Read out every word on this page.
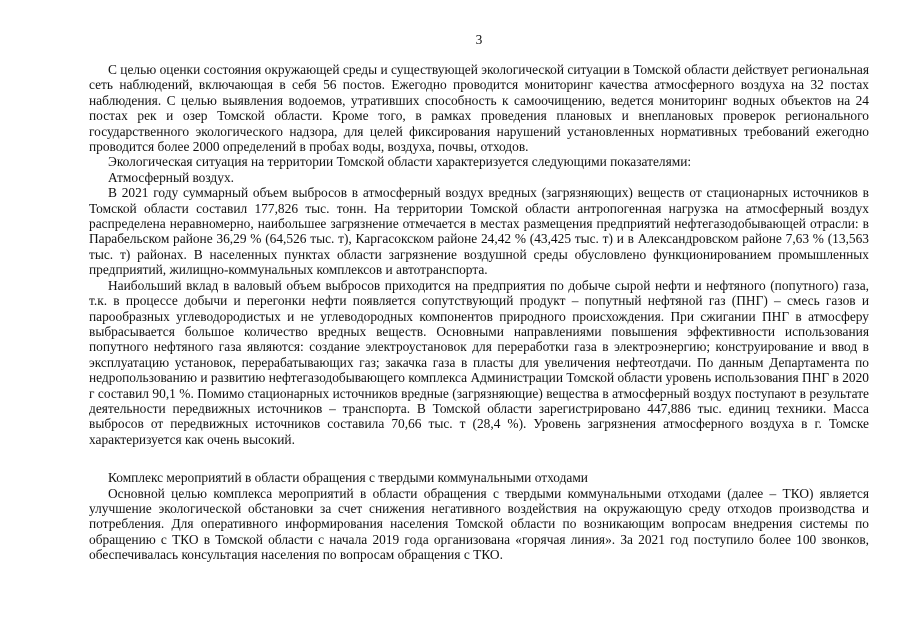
3

С целью оценки состояния окружающей среды и существующей экологической ситуации в Томской области действует региональная сеть наблюдений, включающая в себя 56 постов. Ежегодно проводится мониторинг качества атмосферного воздуха на 32 постах наблюдения. С целью выявления водоемов, утративших способность к самоочищению, ведется мониторинг водных объектов на 24 постах рек и озер Томской области. Кроме того, в рамках проведения плановых и внеплановых проверок регионального государственного экологического надзора, для целей фиксирования нарушений установленных нормативных требований ежегодно проводится более 2000 определений в пробах воды, воздуха, почвы, отходов.

Экологическая ситуация на территории Томской области характеризуется следующими показателями:

Атмосферный воздух.

В 2021 году суммарный объем выбросов в атмосферный воздух вредных (загрязняющих) веществ от стационарных источников в Томской области составил 177,826 тыс. тонн. На территории Томской области антропогенная нагрузка на атмосферный воздух распределена неравномерно, наибольшее загрязнение отмечается в местах размещения предприятий нефтегазодобывающей отрасли: в Парабельском районе 36,29 % (64,526 тыс. т), Каргасокском районе 24,42 % (43,425 тыс. т) и в Александровском районе 7,63 % (13,563 тыс. т) районах. В населенных пунктах области загрязнение воздушной среды обусловлено функционированием промышленных предприятий, жилищно-коммунальных комплексов и автотранспорта.

Наибольший вклад в валовый объем выбросов приходится на предприятия по добыче сырой нефти и нефтяного (попутного) газа, т.к. в процессе добычи и перегонки нефти появляется сопутствующий продукт – попутный нефтяной газ (ПНГ) – смесь газов и парообразных углеводородистых и не углеводородных компонентов природного происхождения. При сжигании ПНГ в атмосферу выбрасывается большое количество вредных веществ. Основными направлениями повышения эффективности использования попутного нефтяного газа являются: создание электроустановок для переработки газа в электроэнергию; конструирование и ввод в эксплуатацию установок, перерабатывающих газ; закачка газа в пласты для увеличения нефтеотдачи. По данным Департамента по недропользованию и развитию нефтегазодобывающего комплекса Администрации Томской области уровень использования ПНГ в 2020 г составил 90,1 %. Помимо стационарных источников вредные (загрязняющие) вещества в атмосферный воздух поступают в результате деятельности передвижных источников – транспорта. В Томской области зарегистрировано 447,886 тыс. единиц техники. Масса выбросов от передвижных источников составила 70,66 тыс. т (28,4 %). Уровень загрязнения атмосферного воздуха в г. Томске характеризуется как очень высокий.

Комплекс мероприятий в области обращения с твердыми коммунальными отходами

Основной целью комплекса мероприятий в области обращения с твердыми коммунальными отходами (далее – ТКО) является улучшение экологической обстановки за счет снижения негативного воздействия на окружающую среду отходов производства и потребления. Для оперативного информирования населения Томской области по возникающим вопросам внедрения системы по обращению с ТКО в Томской области с начала 2019 года организована «горячая линия». За 2021 год поступило более 100 звонков, обеспечивалась консультация населения по вопросам обращения с ТКО.
